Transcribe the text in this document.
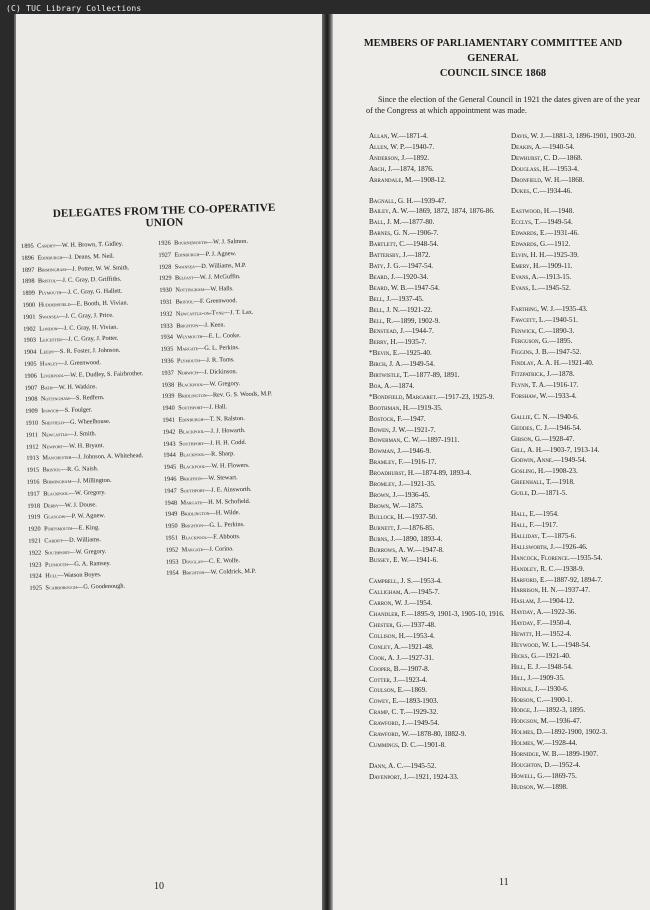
(C) TUC Library Collections
DELEGATES FROM THE CO-OPERATIVE UNION
1895 Cardiff—W. H. Brown, T. Gidley.
1896 Edinburgh—J. Deans, M. Neil.
1897 Birmingham—J. Potter, W. W. Smith.
1898 Bristol—J. C. Gray, D. Griffiths.
1899 Plymouth—J. C. Gray, G. Hallett.
1900 Huddersfield—E. Booth, H. Vivian.
1901 Swansea—J. C. Gray, J. Price.
1902 London—J. C. Gray, H. Vivian.
1903 Leicester—J. C. Gray, J. Potter.
1904 Leeds—S. R. Foster, J. Johnson.
1905 Hanley—J. Greenwood.
1906 Liverpool—W. E. Dudley, S. Fairbrother.
1907 Bath—W. H. Watkins.
1908 Nottingham—S. Redfern.
1909 Ipswich—S. Foulger.
1910 Sheffield—G. Wheelhouse.
1911 Newcastle—J. Smith.
1912 Newport—W. H. Bryant.
1913 Manchester—J. Johnson, A. Whitehead.
1915 Bristol—R. G. Naish.
1916 Birmingham—J. Millington.
1917 Blackpool—W. Gregory.
1918 Derby—W. J. Douse.
1919 Glasgow—P. W. Agnew.
1920 Portsmouth—E. King.
1921 Cardiff—D. Williams.
1922 Southport—W. Gregory.
1923 Plymouth—G. A. Ramsey.
1924 Hull—Watson Boyes.
1925 Scarborough—G. Goodenough.
1926 Bournemouth—W. J. Salmon.
1927 Edinburgh—P. J. Agnew.
1928 Swansea—D. Williams, M.P.
1929 Belfast—W. J. McGuffin.
1930 Nottingham—W. Halls.
1931 Bristol—F. Greenwood.
1932 Newcastle-on-Tyne—J. T. Lax.
1933 Brighton—J. Keen.
1934 Weymouth—E. L. Cooke.
1935 Margate—G. L. Perkins.
1936 Plymouth—J. R. Toms.
1937 Norwich—J. Dickinson.
1938 Blackpool—W. Gregory.
1939 Bridlington—Rev. G. S. Woods, M.P.
1940 Southport—J. Hall.
1941 Edinburgh—T. N. Ralston.
1942 Blackpool—J. J. Howarth.
1943 Southport—J. H. H. Codd.
1944 Blackpool—R. Sharp.
1945 Blackpool—W. H. Flowers.
1946 Brighton—W. Stewart.
1947 Southport—J. E. Ainsworth.
1948 Margate—H. M. Schofield.
1949 Bridlington—H. Wilde.
1950 Brighton—G. L. Perkins.
1951 Blackpool—F. Abbotts.
1952 Margate—J. Corina.
1953 Douglas—C. E. Wolfe.
1954 Brighton—W. Coldrick, M.P.
10
MEMBERS OF PARLIAMENTARY COMMITTEE AND GENERAL
COUNCIL SINCE 1868
Since the election of the General Council in 1921 the dates given are of the year of the Congress at which appointment was made.
Allan, W.—1871-4.
Allen, W. P.—1940-7.
Anderson, J.—1892.
Arch, J.—1874, 1876.
Arrandale, M.—1908-12.
Bagnall, G. H.—1939-47.
Bailey, A. W.—1869, 1872, 1874, 1876-86.
Ball, J. M.—1877-80.
Barnes, G. N.—1906-7.
Bartlett, C.—1948-54.
Battersby, J.—1872.
Baty, J. G.—1947-54.
Beard, J.—1920-34.
Beard, W. B.—1947-54.
Bell, J.—1937-45.
Bell, J. N.—1921-22.
Bell, R.—1899, 1902-9.
Benstead, J.—1944-7.
Berry, H.—1935-7.
*Bevin, E.—1925-40.
Birch, J. A.—1949-54.
Birtwistle, T.—1877-89, 1891.
Boa, A.—1874.
*Bondfield, Margaret.—1917-23, 1925-9.
Boothman, H.—1919-35.
Bostock, F.—1947.
Bowen, J. W.—1921-7.
Bowerman, C. W.—1897-1911.
Bowman, J.—1946-9.
Bramley, F.—1916-17.
Broadhurst, H.—1874-89, 1893-4.
Bromley, J.—1921-35.
Brown, J.—1936-45.
Brown, W.—1875.
Bullock, H.—1937-50.
Burnett, J.—1876-85.
Burns, J.—1890, 1893-4.
Burrows, A. W.—1947-8.
Bussey, E. W.—1941-6.
Campbell, J. S.—1953-4.
Calligham, A.—1945-7.
Carron, W. J.—1954.
Chandler, F.—1895-9, 1901-3, 1905-10, 1916.
Chester, G.—1937-48.
Collison, H.—1953-4.
Conley, A.—1921-48.
Cook, A. J.—1927-31.
Cooper, B.—1907-8.
Cotter, J.—1923-4.
Coulson, E.—1869.
Cowey, E.—1893-1903.
Cramp, C. T.—1929-32.
Crawford, J.—1949-54.
Crawford, W.—1878-80, 1882-9.
Cummings, D. C.—1901-8.
Dann, A. C.—1945-52.
Davenport, J.—1921, 1924-33.
Davis, W. J.—1881-3, 1896-1901, 1903-20.
Deakin, A.—1940-54.
Dewhurst, C. D.—1868.
Douglass, H.—1953-4.
Dronfield, W. H.—1868.
Dukes, C.—1934-46.
Eastwood, H.—1948.
Ecclys, T.—1949-54.
Edwards, E.—1931-46.
Edwards, G.—1912.
Elvin, H. H.—1925-39.
Emery, H.—1909-11.
Evans, A.—1913-15.
Evans, L.—1945-52.
Farthing, W. J.—1935-43.
Fawcett, L.—1940-51.
Fenwick, C.—1890-3.
Ferguson, G.—1895.
Figgins, J. B.—1947-52.
Findlay, A. A. H.—1921-40.
Fitzpatrick, J.—1878.
Flynn, T. A.—1916-17.
Forshaw, W.—1933-4.
Gallie, C. N.—1940-6.
Geddes, C. J.—1946-54.
Gibson, G.—1928-47.
Gill, A. H.—1903-7, 1913-14.
Godwin, Anne.—1949-54.
Gosling, H.—1908-23.
Greenhall, T.—1918.
Guile, D.—1871-5.
Hall, E.—1954.
Hall, F.—1917.
Halliday, T.—1875-6.
Hallsworth, J.—1926-46.
Hancock, Florence.—1935-54.
Handley, R. C.—1938-9.
Harford, E.—1887-92, 1894-7.
Harrison, H. N.—1937-47.
Haslam, J.—1904-12.
Hayday, A.—1922-36.
Hayday, F.—1950-4.
Hewitt, H.—1952-4.
Heywood, W. L.—1948-54.
Hicks, G.—1921-40.
Hill, E. J.—1948-54.
Hill, J.—1909-35.
Hindle, J.—1930-6.
Hobson, C.—1900-1.
Hodge, J.—1892-3, 1895.
Hodgson, M.—1936-47.
Holmes, D.—1892-1900, 1902-3.
Holmes, W.—1928-44.
Hornidge, W. B.—1899-1907.
Houghton, D.—1952-4.
Howell, G.—1869-75.
Hudson, W.—1898.
11
